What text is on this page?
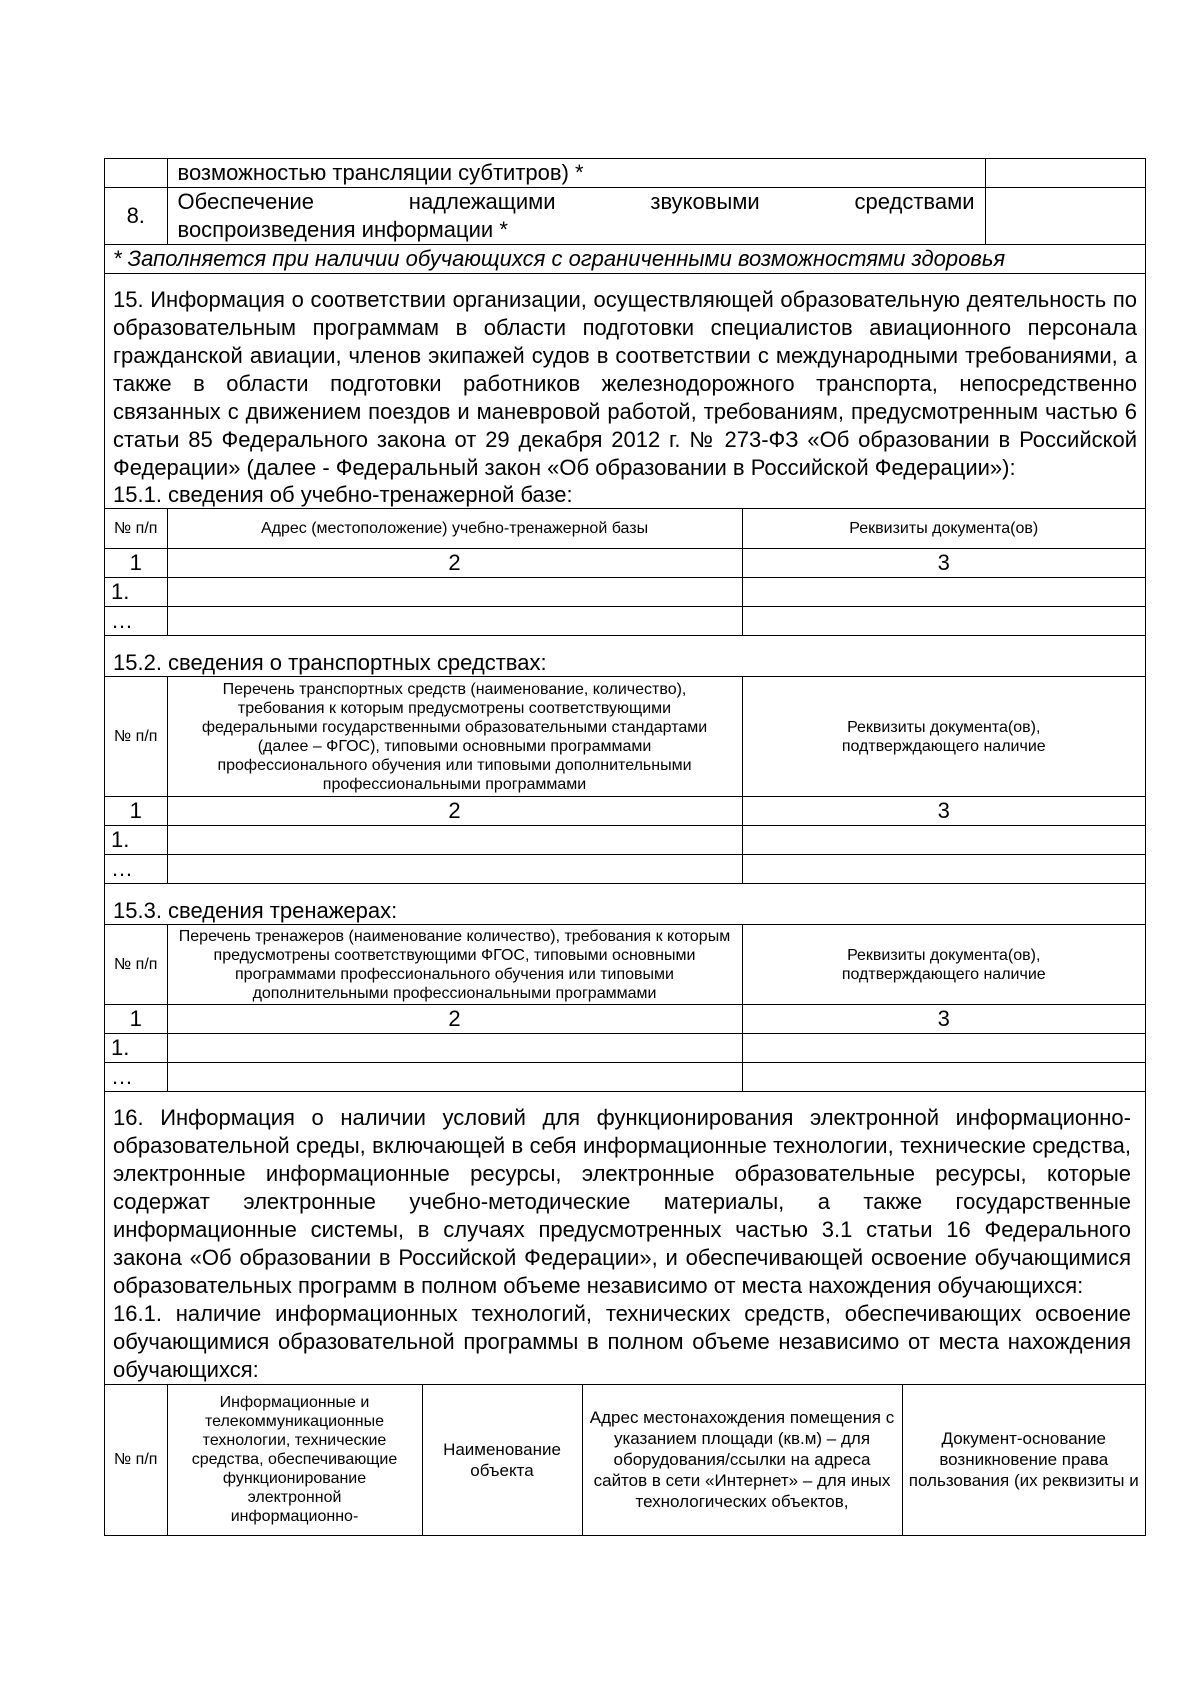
	возможностью трансляции субтитров) *	
8.	Обеспечение надлежащими звуковыми средствами
воспроизведения информации *	

* Заполняется при наличии обучающихся с ограниченными возможностями здоровья
15. Информация о соответствии организации, осуществляющей образовательную деятельность по образовательным программам в области подготовки специалистов авиационного персонала гражданской авиации, членов экипажей судов в соответствии с международными требованиями, а также в области подготовки работников железнодорожного транспорта, непосредственно связанных с движением поездов и маневровой работой, требованиям, предусмотренным частью 6 статьи 85 Федерального закона от 29 декабря 2012 г. № 273-ФЗ «Об образовании в Российской Федерации» (далее - Федеральный закон «Об образовании в Российской Федерации»):
15.1. сведения об учебно-тренажерной базе:
№ п/п	Адрес (местоположение) учебно-тренажерной базы	Реквизиты документа(ов)
1	2	3
1.		
…		
15.2. сведения о транспортных средствах:
№ п/п	Перечень транспортных средств (наименование, количество), требования к которым предусмотрены соответствующими федеральными государственными образовательными стандартами (далее – ФГОС), типовыми основными программами профессионального обучения или типовыми дополнительными профессиональными программами	Реквизиты документа(ов), подтверждающего наличие
1	2	3
1.		
…		
15.3. сведения тренажерах:
№ п/п	Перечень тренажеров (наименование количество), требования к которым предусмотрены соответствующими ФГОС, типовыми основными программами профессионального обучения или типовыми дополнительными профессиональными программами	Реквизиты документа(ов), подтверждающего наличие
1	2	3
1.		
…		
16. Информация о наличии условий для функционирования электронной информационно-образовательной среды, включающей в себя информационные технологии, технические средства, электронные информационные ресурсы, электронные образовательные ресурсы, которые содержат электронные учебно-методические материалы, а также государственные информационные системы, в случаях предусмотренных частью 3.1 статьи 16 Федерального закона «Об образовании в Российской Федерации», и обеспечивающей освоение обучающимися образовательных программ в полном объеме независимо от места нахождения обучающихся:
16.1. наличие информационных технологий, технических средств, обеспечивающих освоение обучающимися образовательной программы в полном объеме независимо от места нахождения обучающихся:
№ п/п	Информационные и телекоммуникационные технологии, технические средства, обеспечивающие функционирование электронной информационно-	Наименование объекта	Адрес местонахождения помещения с указанием площади (кв.м) – для оборудования/ссылки на адреса сайтов в сети «Интернет» – для иных технологических объектов,	Документ-основание возникновение права пользования (их реквизиты и
